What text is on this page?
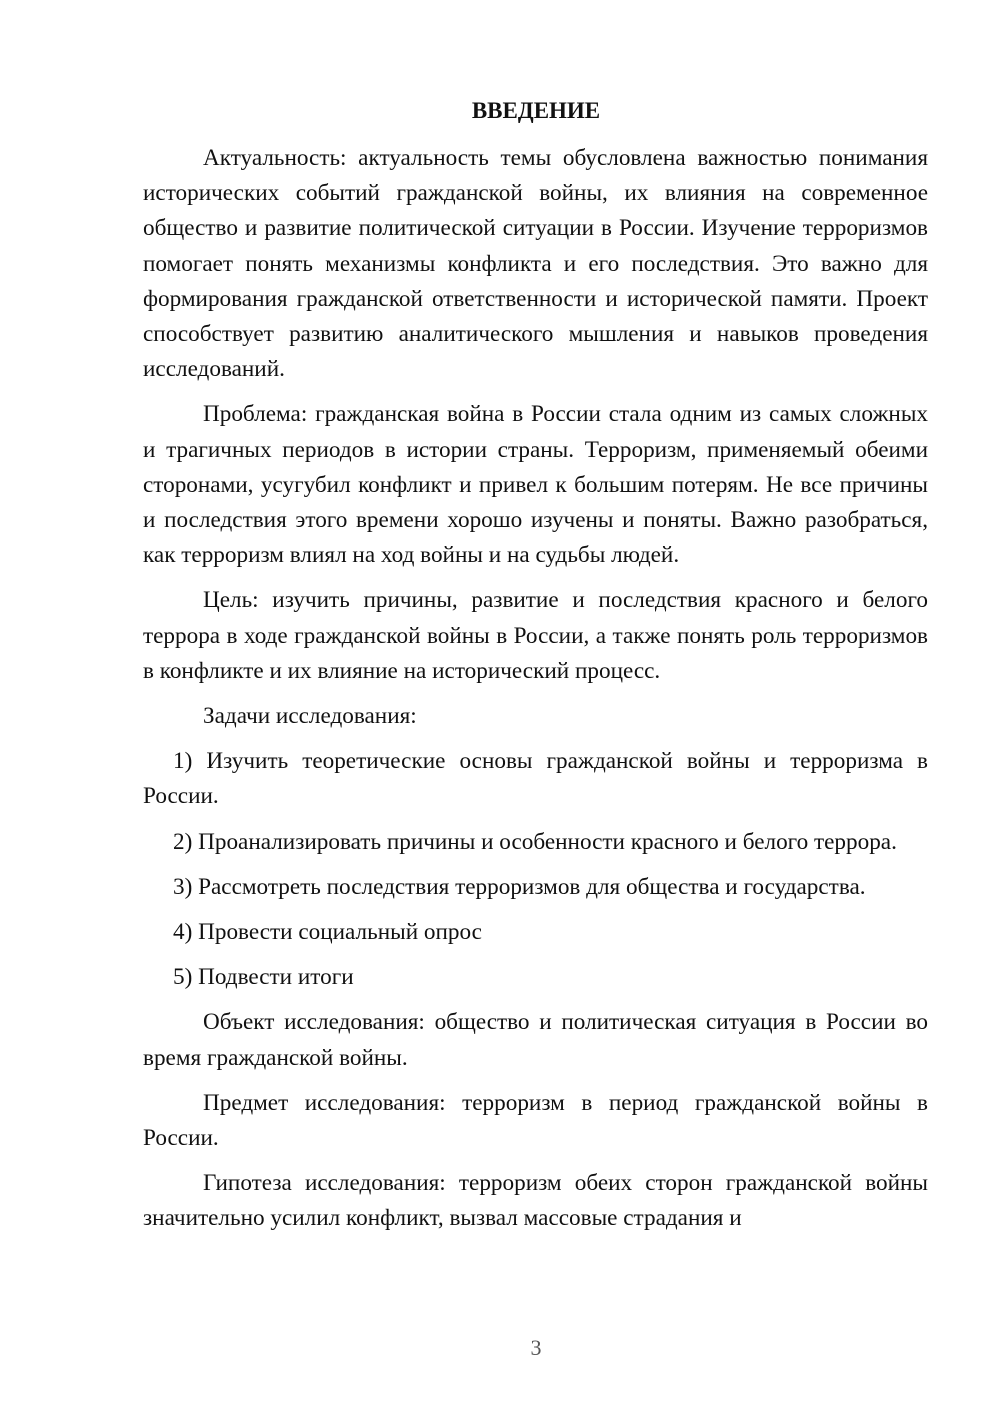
ВВЕДЕНИЕ

Актуальность: актуальность темы обусловлена важностью понимания исторических событий гражданской войны, их влияния на современное общество и развитие политической ситуации в России. Изучение терроризмов помогает понять механизмы конфликта и его последствия. Это важно для формирования гражданской ответственности и исторической памяти. Проект способствует развитию аналитического мышления и навыков проведения исследований.

Проблема: гражданская война в России стала одним из самых сложных и трагичных периодов в истории страны. Терроризм, применяемый обеими сторонами, усугубил конфликт и привел к большим потерям. Не все причины и последствия этого времени хорошо изучены и поняты. Важно разобраться, как терроризм влиял на ход войны и на судьбы людей.

Цель: изучить причины, развитие и последствия красного и белого террора в ходе гражданской войны в России, а также понять роль терроризмов в конфликте и их влияние на исторический процесс.

Задачи исследования:

1) Изучить теоретические основы гражданской войны и терроризма в России.

2) Проанализировать причины и особенности красного и белого террора.

3) Рассмотреть последствия терроризмов для общества и государства.

4) Провести социальный опрос

5) Подвести итоги

Объект исследования: общество и политическая ситуация в России во время гражданской войны.

Предмет исследования: терроризм в период гражданской войны в России.

Гипотеза исследования: терроризм обеих сторон гражданской войны значительно усилил конфликт, вызвал массовые страдания и

3
